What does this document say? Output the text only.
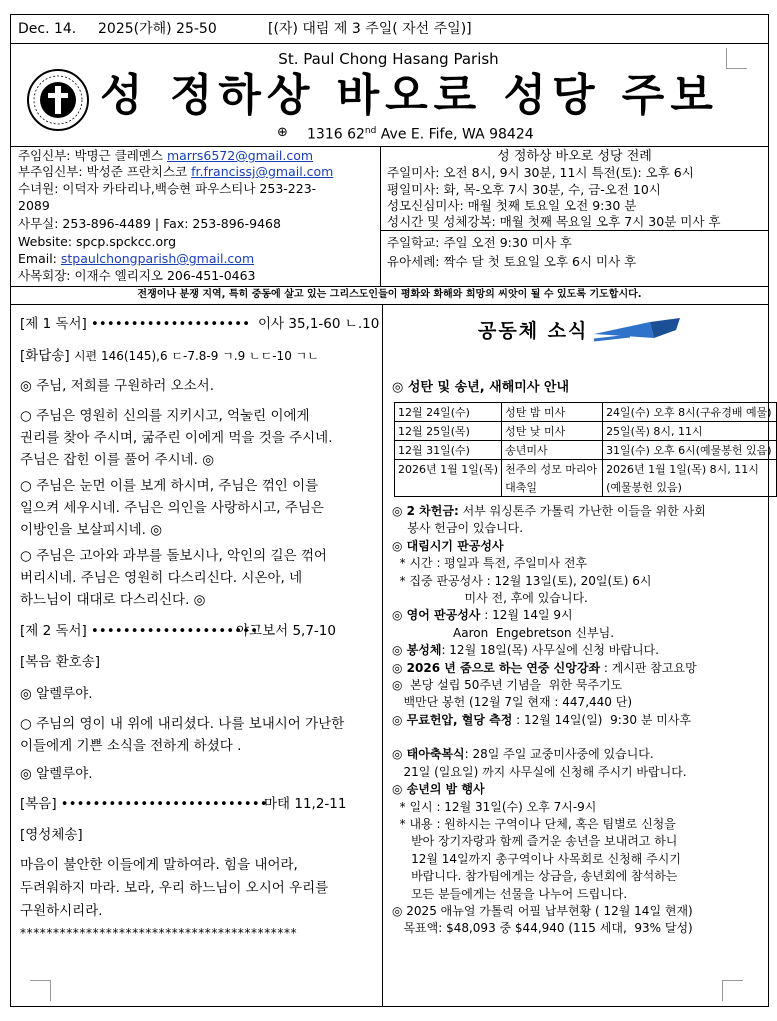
Dec. 14. 2025(가해) 25-50	[(자) 대림 제 3 주일( 자선 주일)]
St. Paul Chong Hasang Parish
성 정하상 바오로 성당 주보
⊕ 1316 62nd Ave E. Fife, WA 98424
주임신부: 박명근 클레멘스 marrs6572@gmail.com
부주임신부: 박성준 프란치스코 fr.francissj@gmail.com
수녀원: 이덕자 카타리나,백승현 파우스티나 253-223-
2089
사무실: 253-896-4489 | Fax: 253-896-9468
Website: spcp.spckcc.org
Email: stpaulchongparish@gmail.com
사목회장: 이재수 엘리지오 206-451-0463
성 정하상 바오로 성당 전례
주일미사: 오전 8시, 9시 30분, 11시 특전(토): 오후 6시
평일미사: 화, 목-오후 7시 30분, 수, 금-오전 10시
성모신심미사: 매월 첫째 토요일 오전 9:30 분
성시간 및 성체강복: 매월 첫째 목요일 오후 7시 30분 미사 후
주일학교: 주일 오전 9:30 미사 후
유아세례: 짝수 달 첫 토요일 오후 6시 미사 후
전쟁이나 분쟁 지역, 특히 중동에 살고 있는 그리스도인들이 평화와 화해와 희망의 씨앗이 될 수 있도록 기도합시다.
[제 1 독서] •••••••••••••••••••• 이사 35,1-60 ㄴ.10
[화답송] 시편 146(145),6 ㄷ-7.8-9 ㄱ.9 ㄴㄷ-10 ㄱㄴ
◎ 주님, 저희를 구원하러 오소서.
○ 주님은 영원히 신의를 지키시고, 억눌린 이에게
권리를 찾아 주시며, 굶주린 이에게 먹을 것을 주시네.
주님은 잡힌 이를 풀어 주시네. ◎
○ 주님은 눈먼 이를 보게 하시며, 주님은 꺾인 이를
일으켜 세우시네. 주님은 의인을 사랑하시고, 주님은
이방인을 보살피시네. ◎
○ 주님은 고아와 과부를 돌보시나, 악인의 길은 꺾어
버리시네. 주님은 영원히 다스리신다. 시온아, 네
하느님이 대대로 다스리신다. ◎
[제 2 독서] •••••••••••••••••••••
야고보서 5,7-10
[복음 환호송]
◎ 알렐루야.
○ 주님의 영이 내 위에 내리셨다. 나를 보내시어 가난한
이들에게 기쁜 소식을 전하게 하셨다 .
◎ 알렐루야.
[복음] ••••••••••••••••••••••••••
마태 11,2-11
[영성체송]
마음이 불안한 이들에게 말하여라. 힘을 내어라,
두려워하지 마라. 보라, 우리 하느님이 오시어 우리를
구원하시리라.
******************************************
공동체 소식
◎ 성탄 및 송년, 새해미사 안내
12월 24일(수)	성탄 밤 미사	24일(수) 오후 8시(구유경배 예물)
12월 25일(목)	성탄 낮 미사	25일(목) 8시, 11시
12월 31일(수)	송년미사	31일(수) 오후 6시(예물봉헌 있음)
2026년 1월 1일(목)	천주의 성모 마리아	2026년 1월 1일(목) 8시, 11시
	대축일	(예물봉헌 있음)
◎ 2 차헌금: 서부 워싱톤주 가톨릭 가난한 이들을 위한 사회
봉사 헌금이 있습니다.
◎ 대림시기 판공성사
* 시간 : 평일과 특전, 주일미사 전후
* 집중 판공성사 : 12월 13일(토), 20일(토) 6시
미사 전, 후에 있습니다.
◎ 영어 판공성사 : 12월 14일 9시
Aaron  Engebretson 신부님.
◎ 봉성체: 12월 18일(목) 사무실에 신청 바랍니다.
◎ 2026 년 줌으로 하는 연중 신앙강좌 : 게시판 참고요망
◎  본당 설립 50주년 기념을  위한 묵주기도
백만단 봉헌 (12월 7일 현재 : 447,440 단)
◎ 무료헌압, 혈당 측정 : 12월 14일(일)  9:30 분 미사후
◎ 태아축복식: 28일 주일 교중미사중에 있습니다.
21일 (일요일) 까지 사무실에 신청해 주시기 바랍니다.
◎ 송년의 밤 행사
* 일시 : 12월 31일(수) 오후 7시-9시
* 내용 : 원하시는 구역이나 단체, 혹은 팀별로 신청을
받아 장기자랑과 함께 즐거운 송년을 보내려고 하니
12월 14일까지 총구역이나 사목회로 신청해 주시기
바랍니다. 참가팀에게는 상금을, 송년회에 참석하는
모든 분들에게는 선물을 나누어 드립니다.
◎ 2025 애뉴얼 가톨릭 어필 납부현황 ( 12월 14일 현재)
목표액: $48,093 중 $44,940 (115 세대,  93% 달성)
